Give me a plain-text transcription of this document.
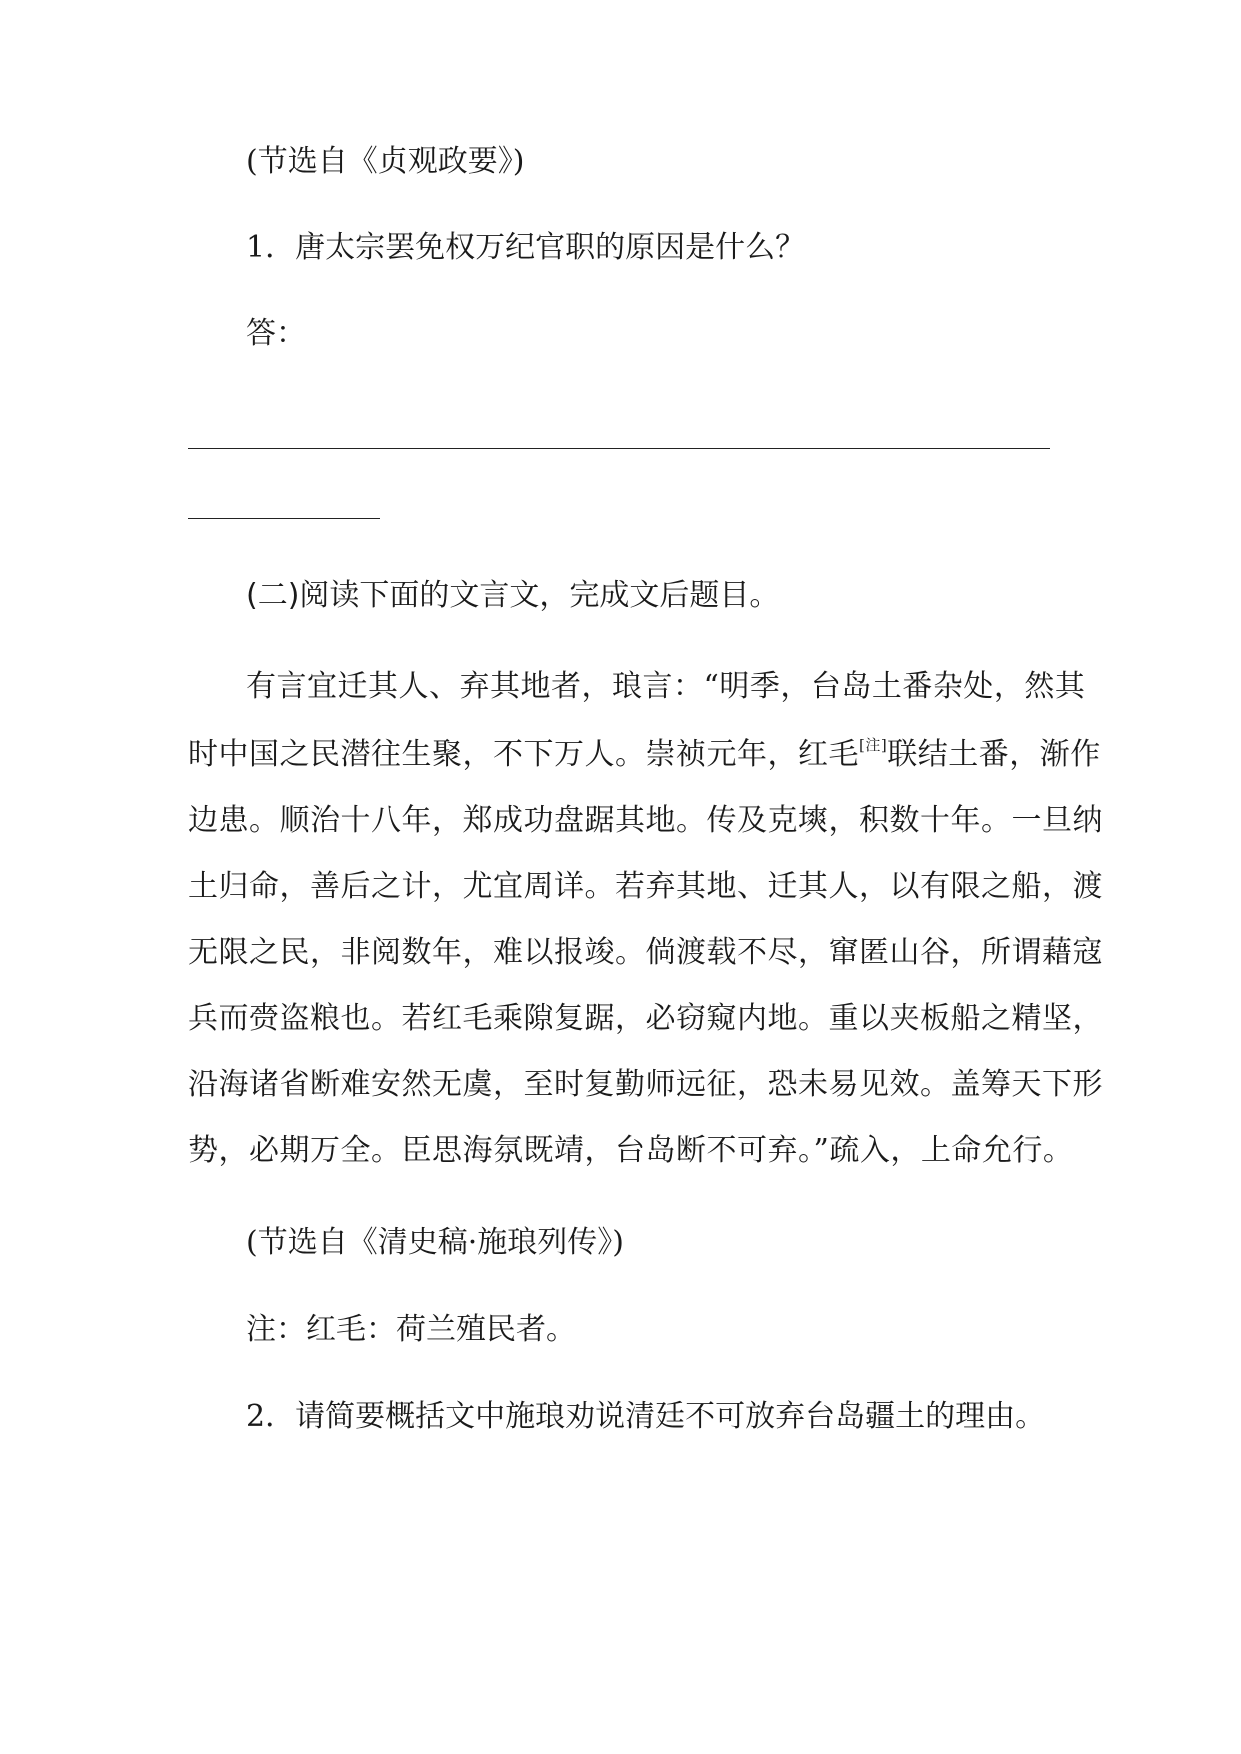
(节选自《贞观政要》)
1．唐太宗罢免权万纪官职的原因是什么？
答：
(二)阅读下面的文言文，完成文后题目。
有言宜迁其人、弃其地者，琅言：“明季，台岛土番杂处，然其
时中国之民潜往生聚，不下万人。崇祯元年，红毛[注]联结土番，渐作
边患。顺治十八年，郑成功盘踞其地。传及克塽，积数十年。一旦纳
土归命，善后之计，尤宜周详。若弃其地、迁其人，以有限之船，渡
无限之民，非阅数年，难以报竣。倘渡载不尽，窜匿山谷，所谓藉寇
兵而赍盗粮也。若红毛乘隙复踞，必窃窥内地。重以夹板船之精坚，
沿海诸省断难安然无虞，至时复勤师远征，恐未易见效。盖筹天下形
势，必期万全。臣思海氛既靖，台岛断不可弃。”疏入，上命允行。
(节选自《清史稿·施琅列传》)
注：红毛：荷兰殖民者。
2．请简要概括文中施琅劝说清廷不可放弃台岛疆土的理由。
